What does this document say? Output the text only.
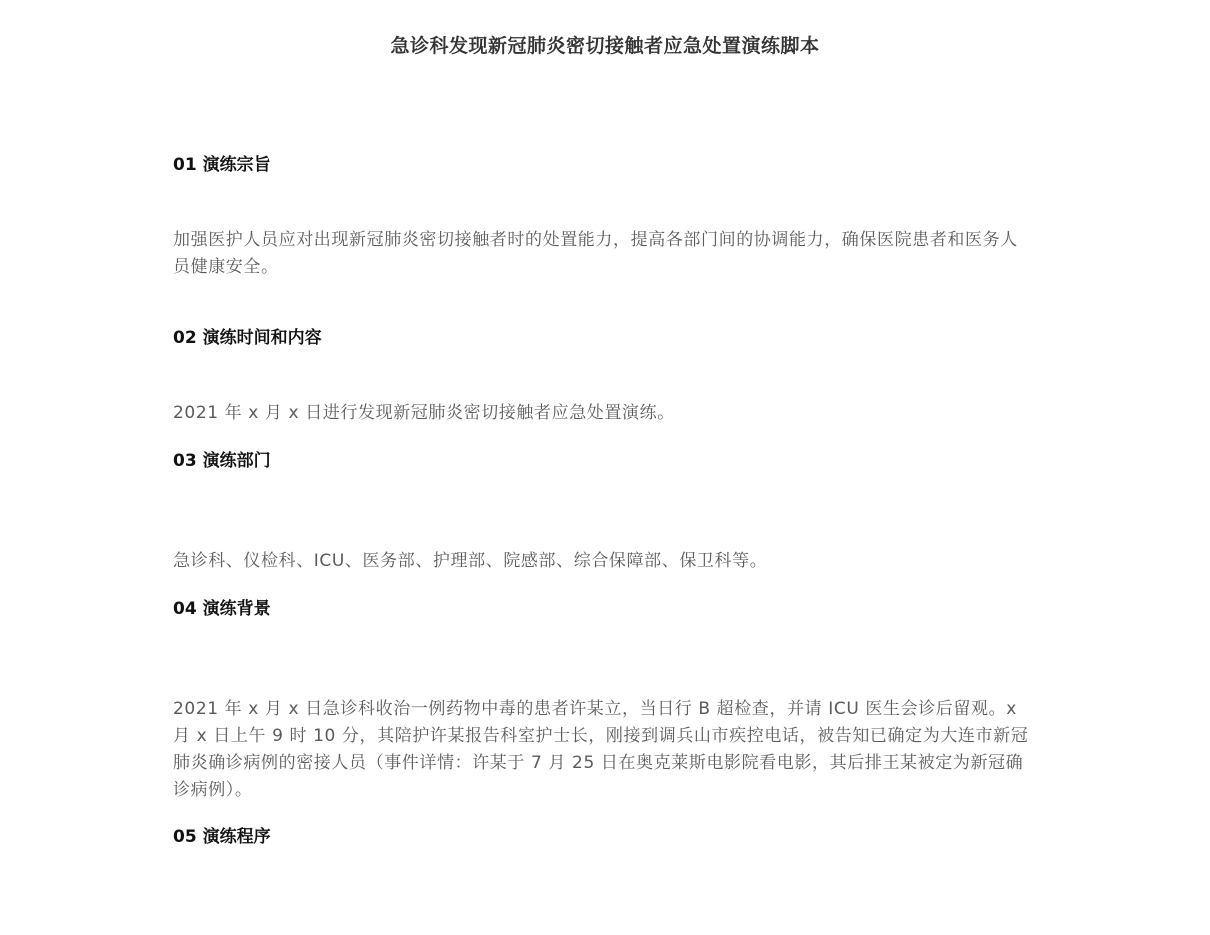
急诊科发现新冠肺炎密切接触者应急处置演练脚本
01 演练宗旨

加强医护人员应对出现新冠肺炎密切接触者时的处置能力，提高各部门间的协调能力，确保医院患者和医务人员健康安全。

02 演练时间和内容

2021 年 x 月 x 日进行发现新冠肺炎密切接触者应急处置演练。

03 演练部门

急诊科、仪检科、ICU、医务部、护理部、院感部、综合保障部、保卫科等。

04 演练背景

2021 年 x 月 x 日急诊科收治一例药物中毒的患者许某立，当日行 B 超检查，并请 ICU 医生会诊后留观。x 月 x 日上午 9 时 10 分，其陪护许某报告科室护士长，刚接到调兵山市疾控电话，被告知已确定为大连市新冠肺炎确诊病例的密接人员（事件详情：许某于 7 月 25 日在奥克莱斯电影院看电影，其后排王某被定为新冠确诊病例）。

05 演练程序
